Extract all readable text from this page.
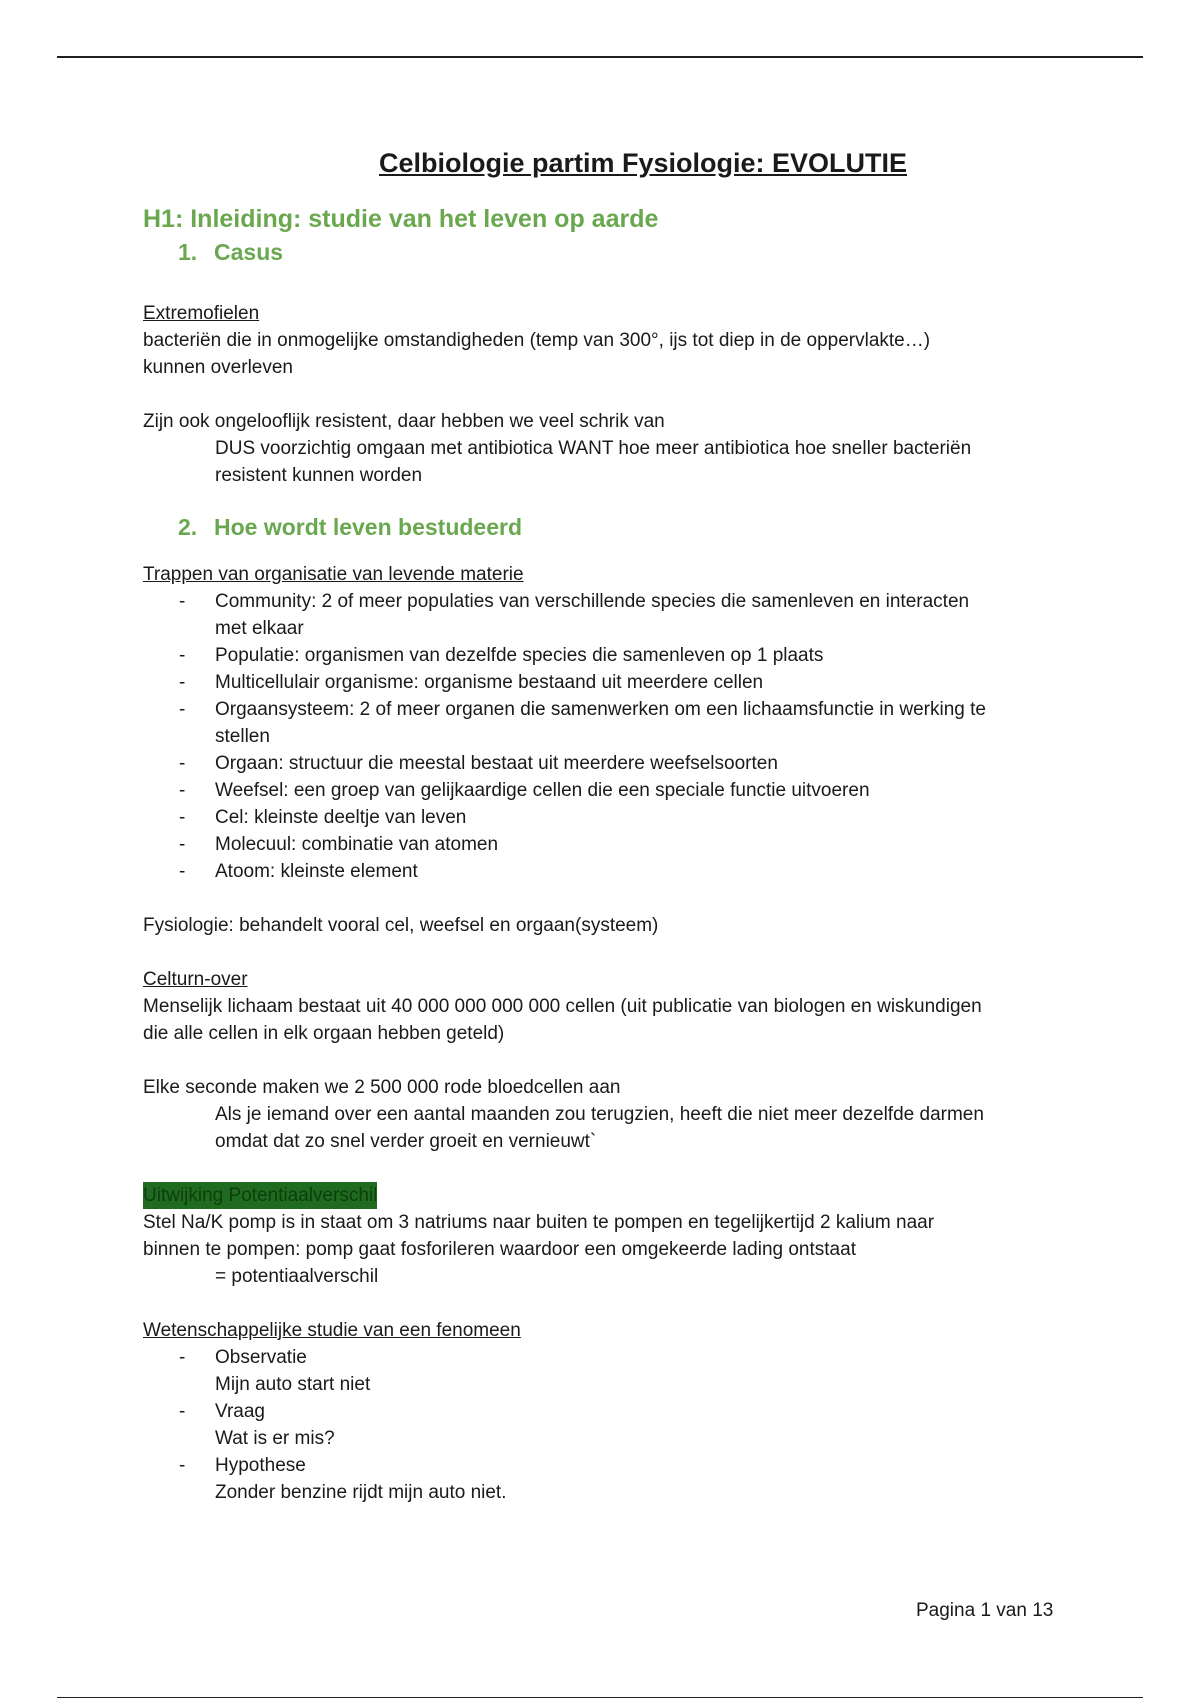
Celbiologie partim Fysiologie: EVOLUTIE
H1: Inleiding: studie van het leven op aarde
1. Casus
Extremofielen
bacteriën die in onmogelijke omstandigheden (temp van 300°, ijs tot diep in de oppervlakte…)
kunnen overleven
Zijn ook ongelooflijk resistent, daar hebben we veel schrik van
DUS voorzichtig omgaan met antibiotica WANT hoe meer antibiotica hoe sneller bacteriën
resistent kunnen worden
2. Hoe wordt leven bestudeerd
Trappen van organisatie van levende materie
- Community: 2 of meer populaties van verschillende species die samenleven en interacten
met elkaar
- Populatie: organismen van dezelfde species die samenleven op 1 plaats
- Multicellulair organisme: organisme bestaand uit meerdere cellen
- Orgaansysteem: 2 of meer organen die samenwerken om een lichaamsfunctie in werking te
stellen
- Orgaan: structuur die meestal bestaat uit meerdere weefselsoorten
- Weefsel: een groep van gelijkaardige cellen die een speciale functie uitvoeren
- Cel: kleinste deeltje van leven
- Molecuul: combinatie van atomen
- Atoom: kleinste element
Fysiologie: behandelt vooral cel, weefsel en orgaan(systeem)
Celturn-over
Menselijk lichaam bestaat uit 40 000 000 000 000 cellen (uit publicatie van biologen en wiskundigen
die alle cellen in elk orgaan hebben geteld)
Elke seconde maken we 2 500 000 rode bloedcellen aan
Als je iemand over een aantal maanden zou terugzien, heeft die niet meer dezelfde darmen
omdat dat zo snel verder groeit en vernieuwt`
Uitwijking Potentiaalverschil
Stel Na/K pomp is in staat om 3 natriums naar buiten te pompen en tegelijkertijd 2 kalium naar
binnen te pompen: pomp gaat fosforileren waardoor een omgekeerde lading ontstaat
= potentiaalverschil
Wetenschappelijke studie van een fenomeen
- Observatie
Mijn auto start niet
- Vraag
Wat is er mis?
- Hypothese
Zonder benzine rijdt mijn auto niet.
Pagina 1 van 13
